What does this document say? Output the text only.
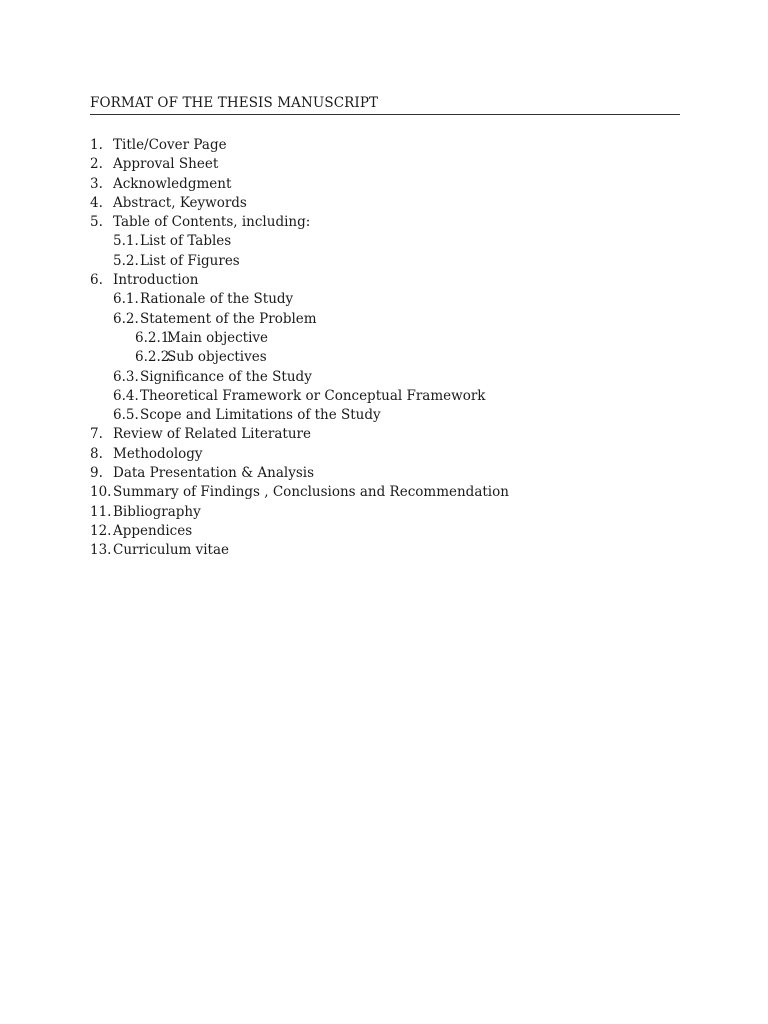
FORMAT OF THE THESIS MANUSCRIPT
1. Title/Cover Page
2. Approval Sheet
3. Acknowledgment
4. Abstract, Keywords
5. Table of Contents, including:
5.1. List of Tables
5.2. List of Figures
6. Introduction
6.1. Rationale of the Study
6.2. Statement of the Problem
6.2.1.
Main objective
6.2.2.
Sub objectives
6.3. Significance of the Study
6.4. Theoretical Framework or Conceptual Framework
6.5. Scope and Limitations of the Study
7. Review of Related Literature
8. Methodology
9. Data Presentation & Analysis
10. Summary of Findings , Conclusions and Recommendation
11. Bibliography
12. Appendices
13. Curriculum vitae
